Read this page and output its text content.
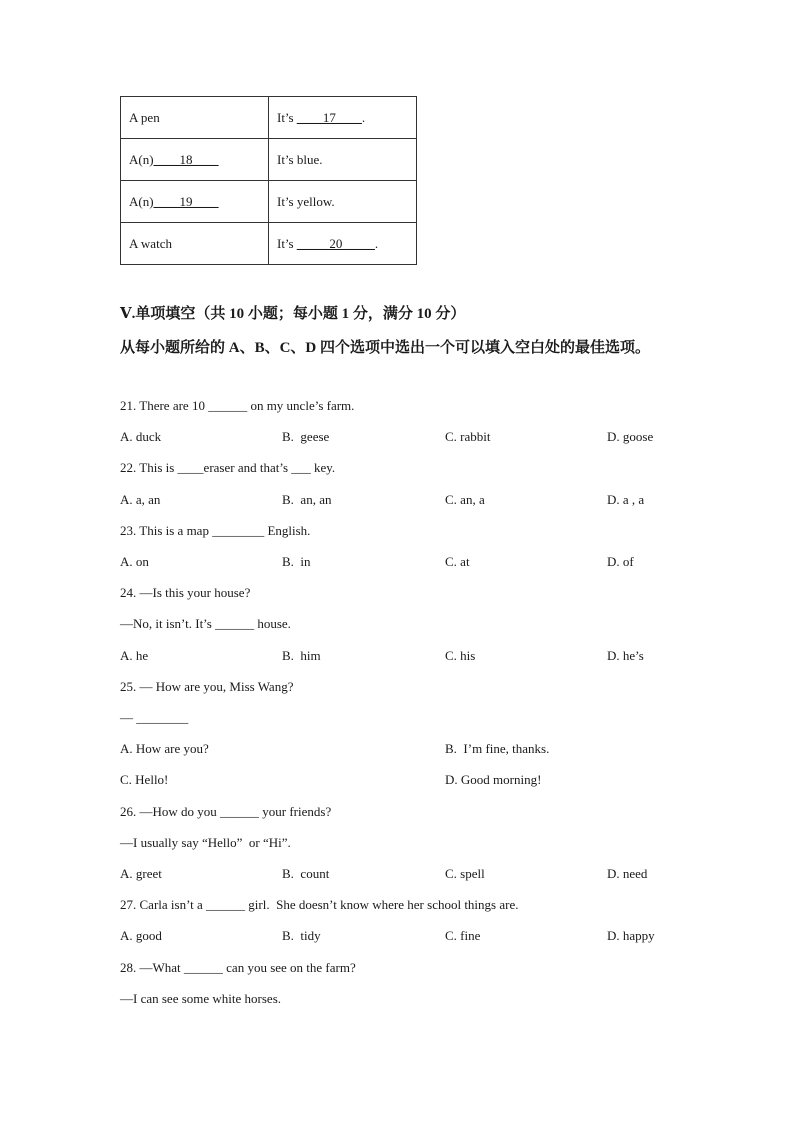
A pen	It’s ____17____.
A(n)____18____	It’s blue.
A(n)____19____	It’s yellow.
A watch	It’s _____20_____.
Ⅴ.单项填空（共 10 小题；每小题 1 分，满分 10 分）
从每小题所给的 A、B、C、D 四个选项中选出一个可以填入空白处的最佳选项。
21. There are 10 ______ on my uncle’s farm.
A. duck	B.  geese	C. rabbit	D. goose
22. This is ____eraser and that’s ___ key.
A. a, an	B.  an, an	C. an, a	D. a , a
23. This is a map ________ English.
A. on	B.  in	C. at	D. of
24. —Is this your house?
—No, it isn’t. It’s ______ house.
A. he	B.  him	C. his	D. he’s
25. — How are you, Miss Wang?
— ________
A. How are you?	B.  I’m fine, thanks.
C. Hello!	D. Good morning!
26. —How do you ______ your friends?
—I usually say “Hello”  or “Hi”.
A. greet	B.  count	C. spell	D. need
27. Carla isn’t a ______ girl.  She doesn’t know where her school things are.
A. good	B.  tidy	C. fine	D. happy
28. —What ______ can you see on the farm?
—I can see some white horses.
